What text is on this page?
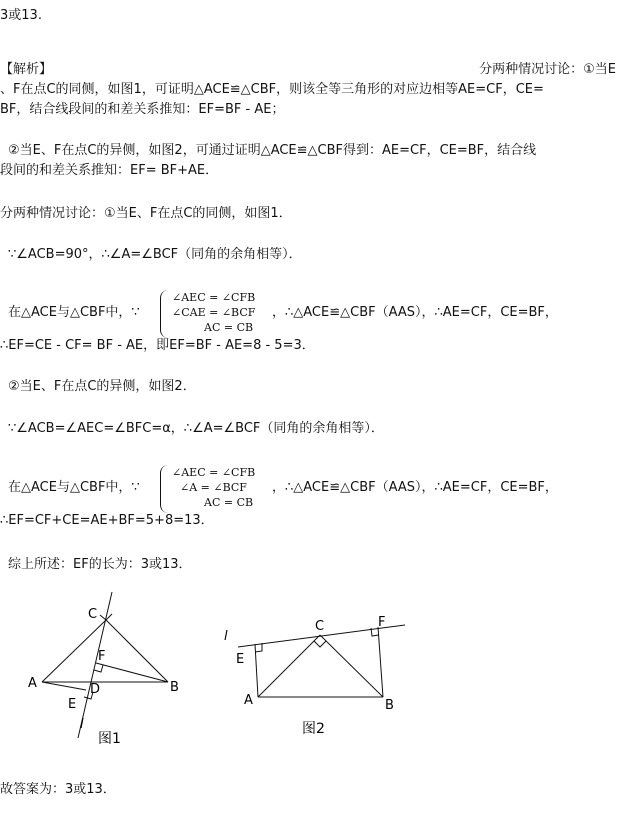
3或13.
【解析】	分两种情况讨论：①当E
、F在点C的同侧，如图1，可证明△ACE≌△CBF，则该全等三角形的对应边相等AE=CF，CE=
BF，结合线段间的和差关系推知：EF=BF - AE；
②当E、F在点C的异侧，如图2，可通过证明△ACE≌△CBF得到：AE=CF，CE=BF，结合线
段间的和差关系推知：EF= BF+AE．
分两种情况讨论：①当E、F在点C的同侧，如图1．
∵∠ACB=90°，∴∠A=∠BCF（同角的余角相等）．
在△ACE与△CBF中，∵
∠AEC = ∠CFB
∠CAE = ∠BCF
AC = CB
，∴△ACE≌△CBF（AAS），∴AE=CF，CE=BF，
∴EF=CE - CF= BF - AE，即EF=BF - AE=8 - 5=3．
②当E、F在点C的异侧，如图2．
∵∠ACB=∠AEC=∠BFC=α，∴∠A=∠BCF（同角的余角相等）．
在△ACE与△CBF中，∵
∠AEC = ∠CFB
∠A = ∠BCF
AC = CB
，∴△ACE≌△CBF（AAS），∴AE=CF，CE=BF，
∴EF=CF+CE=AE+BF=5+8=13．
综上所述：EF的长为：3或13．
C
F
A	D	B
E
l
图1
l
C	F
E
A	B
图2
故答案为：3或13．
